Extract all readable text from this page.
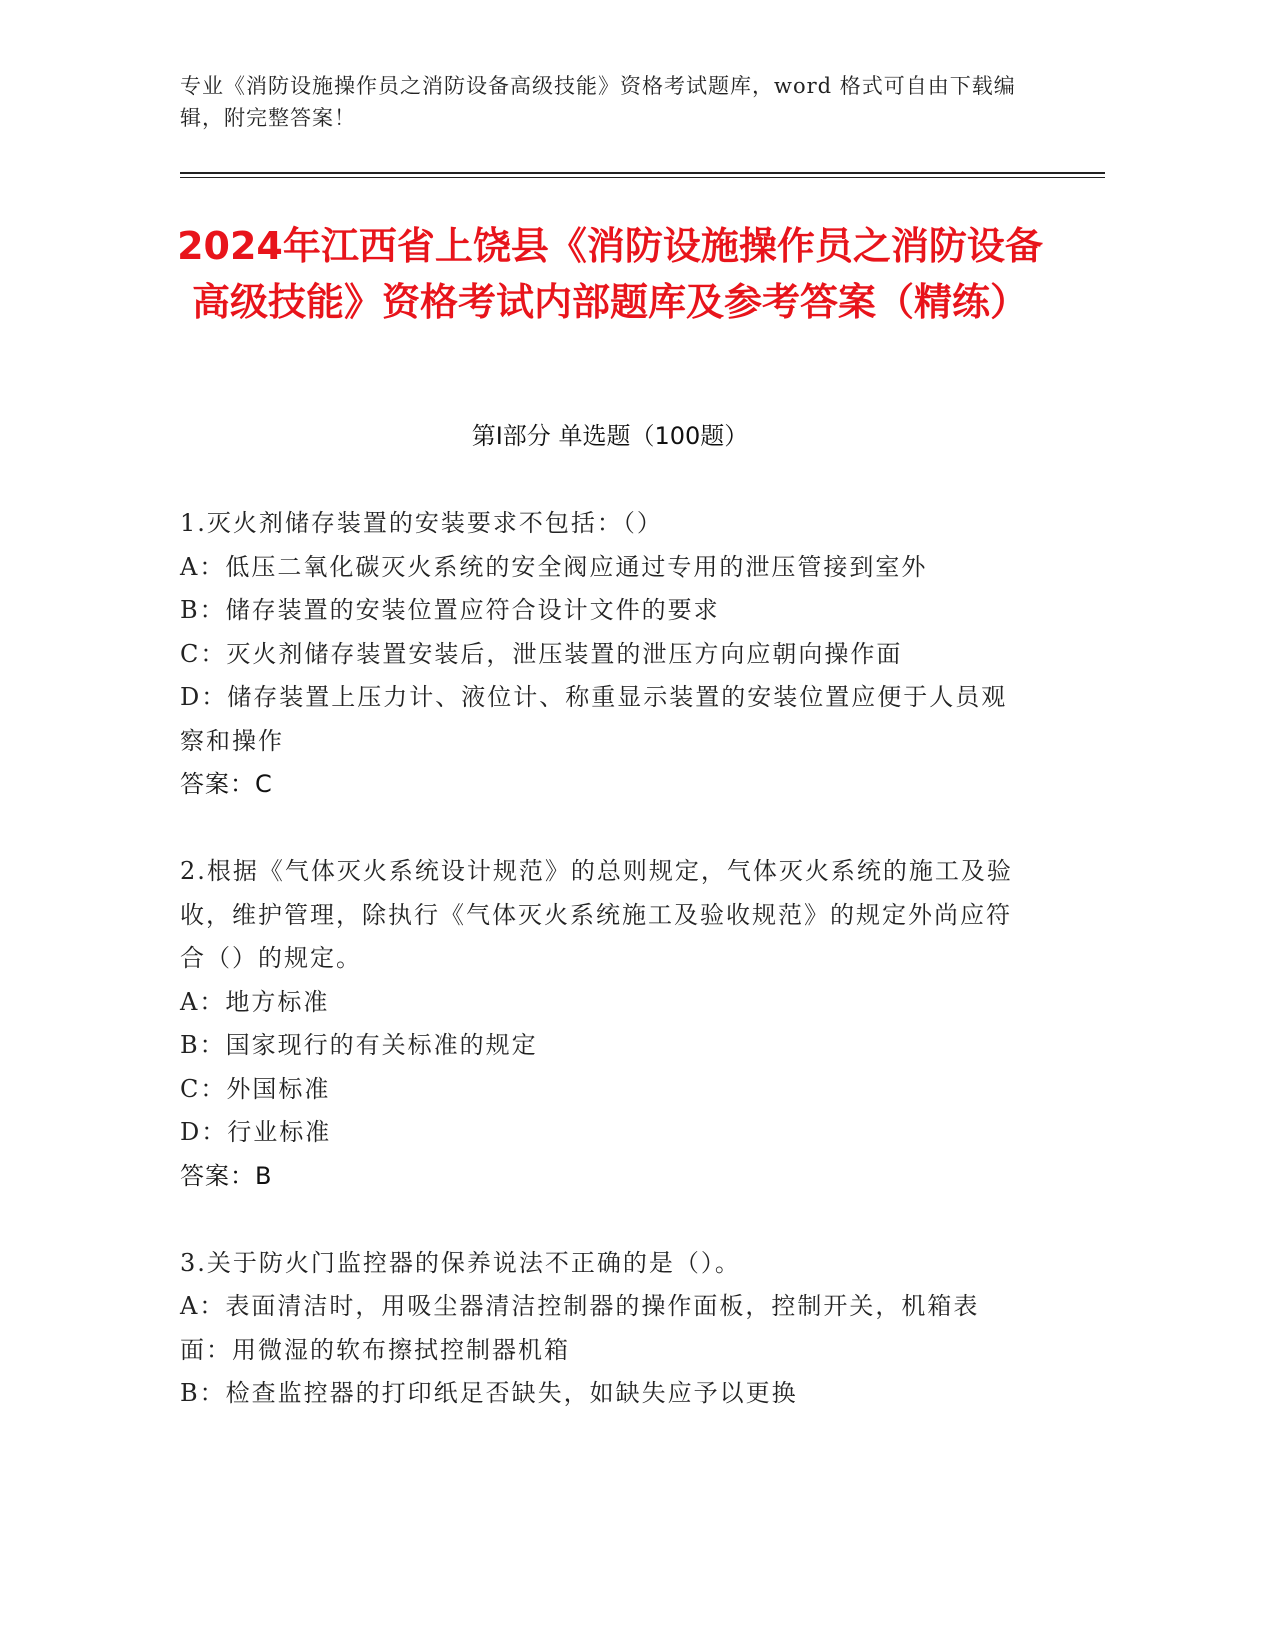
专业《消防设施操作员之消防设备高级技能》资格考试题库，word 格式可自由下载编辑，附完整答案！
2024年江西省上饶县《消防设施操作员之消防设备高级技能》资格考试内部题库及参考答案（精练）
第Ⅰ部分 单选题（100题）

1.灭火剂储存装置的安装要求不包括：（）

A：低压二氧化碳灭火系统的安全阀应通过专用的泄压管接到室外

B：储存装置的安装位置应符合设计文件的要求

C：灭火剂储存装置安装后，泄压装置的泄压方向应朝向操作面

D：储存装置上压力计、液位计、称重显示装置的安装位置应便于人员观察和操作

答案：C

2.根据《气体灭火系统设计规范》的总则规定，气体灭火系统的施工及验收，维护管理，除执行《气体灭火系统施工及验收规范》的规定外尚应符合（）的规定。

A：地方标准

B：国家现行的有关标准的规定

C：外国标准

D：行业标准

答案：B

3.关于防火门监控器的保养说法不正确的是（）。

A：表面清洁时，用吸尘器清洁控制器的操作面板，控制开关，机箱表面：用微湿的软布擦拭控制器机箱

B：检查监控器的打印纸足否缺失，如缺失应予以更换
